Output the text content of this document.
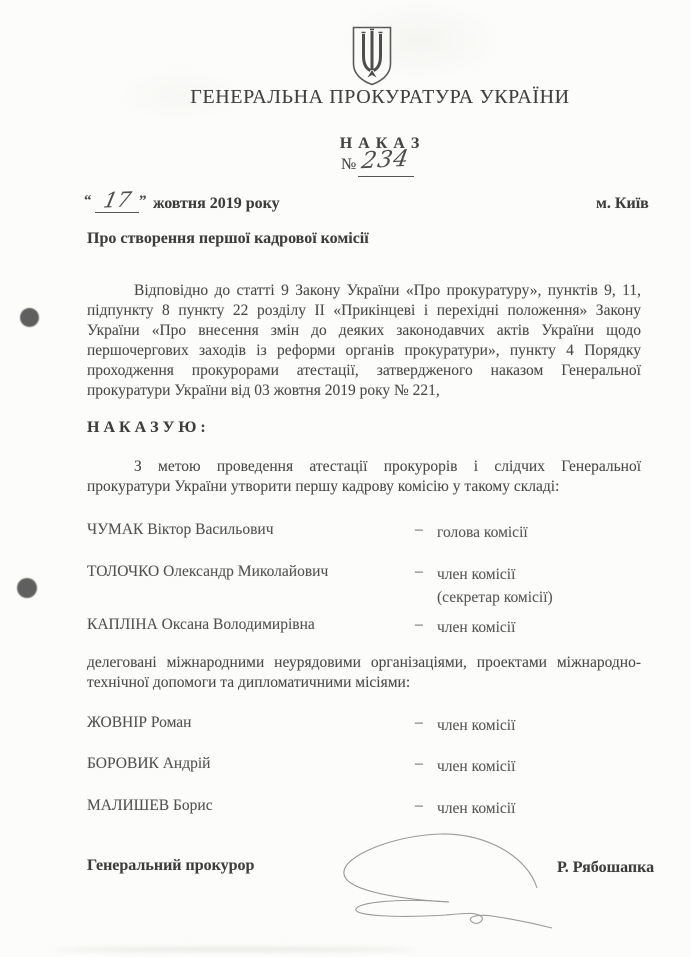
ГЕНЕРАЛЬНА ПРОКУРАТУРА УКРАЇНИ
Н А К А З
№ 234
“ 17 ” жовтня 2019 року	м. Київ
Про створення першої кадрової комісії
Відповідно до статті 9 Закону України «Про прокуратуру», пунктів 9, 11, підпункту 8 пункту 22 розділу II «Прикінцеві і перехідні положення» Закону України «Про внесення змін до деяких законодавчих актів України щодо першочергових заходів із реформи органів прокуратури», пункту 4 Порядку проходження прокурорами атестації, затвердженого наказом Генеральної прокуратури України від 03 жовтня 2019 року № 221,
Н А К А З У Ю :
З метою проведення атестації прокурорів і слідчих Генеральної прокуратури України утворити першу кадрову комісію у такому складі:
ЧУМАК Віктор Васильович	– голова комісії
ТОЛОЧКО Олександр Миколайович	– член комісії
(секретар комісії)
КАПЛІНА Оксана Володимирівна	– член комісії
делеговані міжнародними неурядовими організаціями, проектами міжнародно-технічної допомоги та дипломатичними місіями:
ЖОВНІР Роман	– член комісії
БОРОВИК Андрій	– член комісії
МАЛИШЕВ Борис	– член комісії
Генеральний прокурор	Р. Рябошапка
